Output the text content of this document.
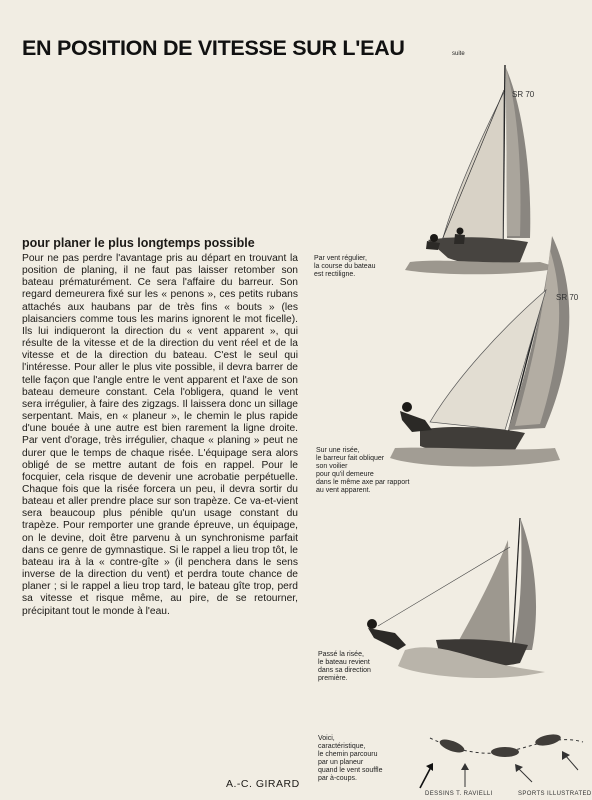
EN POSITION DE VITESSE SUR L'EAU	suite
SR 70
SR 70
pour planer le plus longtemps possible

Pour ne pas perdre l'avantage pris au départ en trouvant la position de planing, il ne faut pas laisser retomber son bateau prématurément. Ce sera l'affaire du barreur. Son regard demeurera fixé sur les « penons », ces petits rubans attachés aux haubans par de très fins « bouts » (les plaisanciers comme tous les marins ignorent le mot ficelle). Ils lui indiqueront la direction du « vent apparent », qui résulte de la vitesse et de la direction du vent réel et de la vitesse et de la direction du bateau. C'est le seul qui l'intéresse. Pour aller le plus vite possible, il devra barrer de telle façon que l'angle entre le vent apparent et l'axe de son bateau demeure constant. Cela l'obligera, quand le vent sera irrégulier, à faire des zigzags. Il laissera donc un sillage serpentant. Mais, en « planeur », le chemin le plus rapide d'une bouée à une autre est bien rarement la ligne droite. Par vent d'orage, très irrégulier, chaque « planing » peut ne durer que le temps de chaque risée. L'équipage sera alors obligé de se mettre autant de fois en rappel. Pour le focquier, cela risque de devenir une acrobatie perpétuelle. Chaque fois que la risée forcera un peu, il devra sortir du bateau et aller prendre place sur son trapèze. Ce va-et-vient sera beaucoup plus pénible qu'un usage constant du trapèze. Pour remporter une grande épreuve, un équipage, on le devine, doit être parvenu à un synchronisme parfait dans ce genre de gymnastique. Si le rappel a lieu trop tôt, le bateau ira à la « contre-gîte » (il penchera dans le sens inverse de la direction du vent) et perdra toute chance de planer ; si le rappel a lieu trop tard, le bateau gîte trop, perd sa vitesse et risque même, au pire, de se retourner, précipitant tout le monde à l'eau.

A.-C. GIRARD
Par vent régulier,
la course du bateau
est rectiligne.
Sur une risée,
le barreur fait obliquer
son voilier
pour qu'il demeure
dans le même axe par rapport
au vent apparent.
Passé la risée,
le bateau revient
dans sa direction
première.
Voici,
caractéristique,
le chemin parcouru
par un planeur
quand le vent souffle
par à-coups.
DESSINS T. RAVIELLI	SPORTS ILLUSTRATED
